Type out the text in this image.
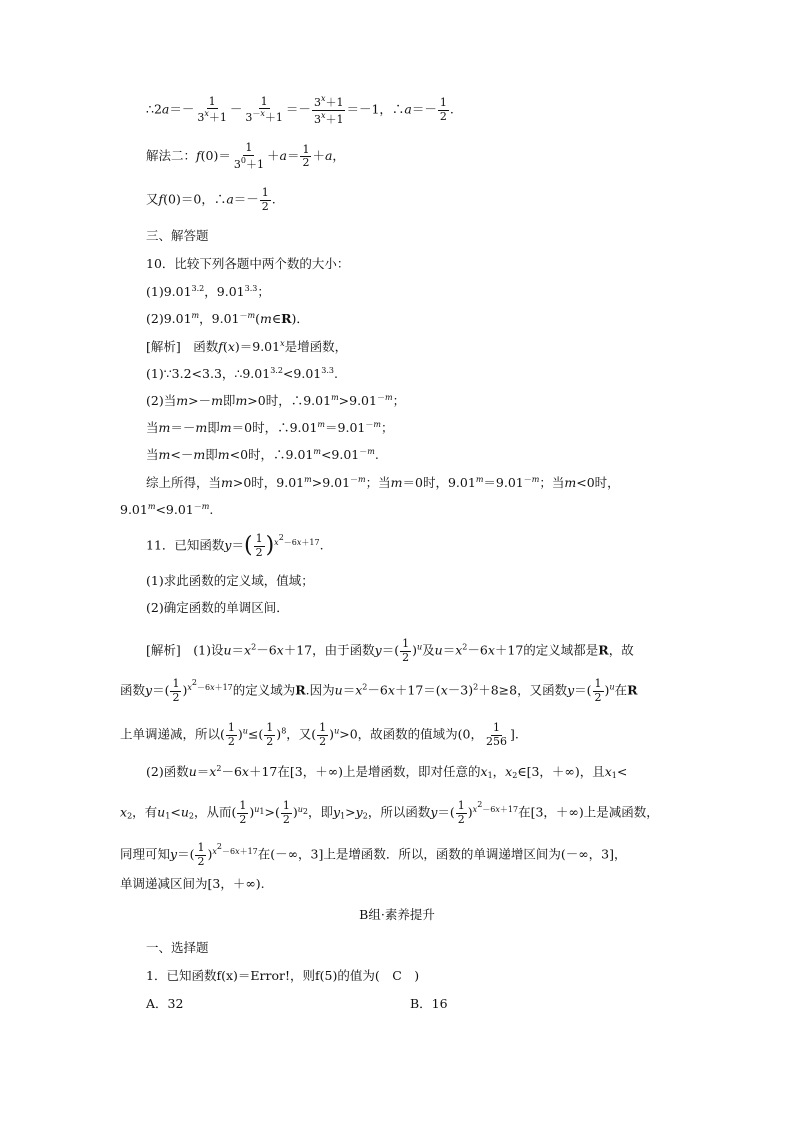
∴2a＝－ $\frac{1}{3^x+1} - \frac{1}{3^{-x}+1} =- \frac{3^x+1}{3^x+1} =-1$，∴a＝－ $\frac{1}{2}$ .
解法二：$f(0)= \frac{1}{3^0+1} +a= \frac{1}{2} +a$，
又f(0)＝0，∴a＝－ $\frac{1}{2}$ .
三、解答题
10．比较下列各题中两个数的大小：
$(1)9.01^{3.2}$，$9.01^{3.3}$；
(2)9.01$^m$，$9.01^{-m}(m\in R)$．
[解析]　函数$f(x)=9.01^x$是增函数，
(1)∵3.2<3.3，$\therefore 9.01^{3.2}<9.01^{3.3}$.
(2)当m>－m即m>0时，$\therefore 9.01^m>9.01^{-m}$；
当m＝－m即m＝0时，$\therefore 9.01^m=9.01^{-m}$；
当m<－m即m<0时，$\therefore 9.01^m<9.01^{-m}$.
综上所得，当m>0时，$9.01^m>9.01^{-m}$；当m＝0时，$9.01^m=9.01^{-m}$；当m<0时，
$9.01^m<9.01^{-m}$.
11．已知函数$y=( \frac{1}{2} )^{x^2-6x+17}$.
(1)求此函数的定义域，值域；
(2)确定函数的单调区间．
[解析]　(1)设$u=x^2-6x+17$，由于函数$y=( \frac{1}{2} )^u$及$u=x^2-6x+17$的定义域都是R，故
函数$y=( \frac{1}{2} )^{x^2-6x+17}$的定义域为R.因为$u=x^2-6x+17=(x-3)^2+8\ge 8$，又函数$y=( \frac{1}{2} )^u$在R
上单调递减，所以( $\frac{1}{2} )^u\le( \frac{1}{2} )^8$，又( $\frac{1}{2} )^u>0$，故函数的值域为(0， $\frac{1}{256}$ ].
(2)函数$u=x^2-6x+17$在[3，＋∞)上是增函数，即对任意的$x_1$，$x_2\in[3$，＋∞)，且$x_1<$
$x_2$，有$u_1<u_2$，从而( $\frac{1}{2} )^{u_1}>( \frac{1}{2} )^{u_2}$，即$y_1>y_2$，所以函数$y=( \frac{1}{2} )^{x^2-6x+17}$在[3，＋∞)上是减函数，
同理可知$y=( \frac{1}{2} )^{x^2-6x+17}$在(－∞，3]上是增函数．所以，函数的单调递增区间为(－∞，3]，
单调递减区间为[3，＋∞).
B组·素养提升
一、选择题
1．已知函数f(x)＝Error!，则f(5)的值为(　C　)
A．32	B．16
